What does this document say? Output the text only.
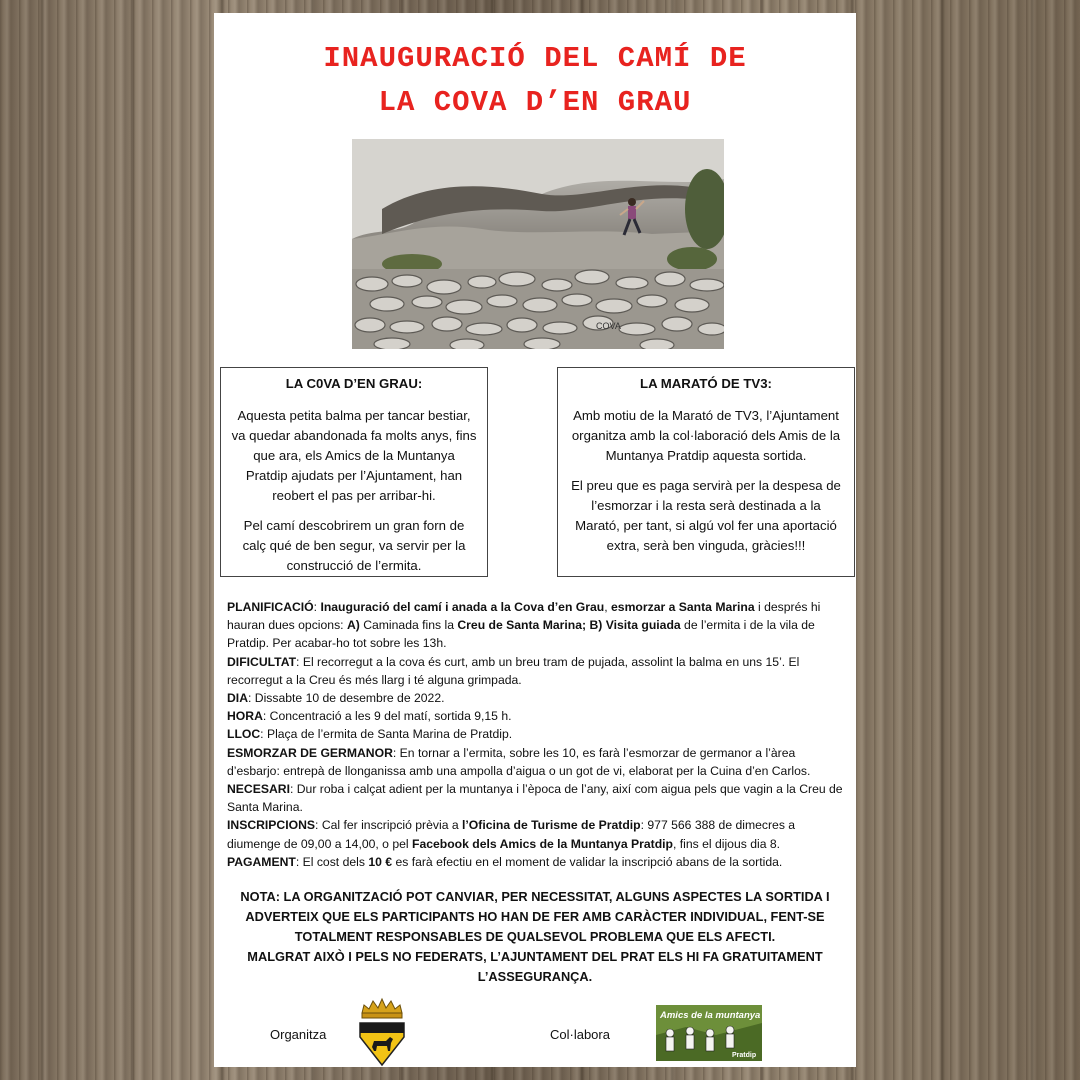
INAUGURACIÓ DEL CAMÍ DE
LA COVA D’EN GRAU
COVA
LA C0VA D’EN GRAU:

Aquesta petita balma per tancar bestiar, va quedar abandonada fa molts anys, fins que ara, els Amics de la Muntanya Pratdip ajudats per l’Ajuntament, han reobert el pas per arribar-hi.

Pel camí descobrirem un gran forn de calç qué de ben segur, va servir per la construcció de l’ermita.

LA MARATÓ DE TV3:

Amb motiu de la Marató de TV3, l’Ajuntament organitza amb la col·laboració dels Amis de la Muntanya Pratdip aquesta sortida.

El preu que es paga servirà per la despesa de l’esmorzar i la resta serà destinada a la Marató, per tant, si algú vol fer una aportació extra, serà ben vinguda, gràcies!!!

PLANIFICACIÓ: Inauguració del camí i anada a la Cova d’en Grau, esmorzar a Santa Marina i després hi hauran dues opcions: A) Caminada fins la Creu de Santa Marina; B) Visita guiada de l’ermita i de la vila de Pratdip. Per acabar-ho tot sobre les 13h.

DIFICULTAT: El recorregut a la cova és curt, amb un breu tram de pujada, assolint la balma en uns 15’. El recorregut a la Creu és més llarg i té alguna grimpada.

DIA: Dissabte 10 de desembre de 2022.

HORA: Concentració a les 9 del matí, sortida 9,15 h.

LLOC: Plaça de l’ermita de Santa Marina de Pratdip.

ESMORZAR DE GERMANOR: En tornar a l’ermita, sobre les 10, es farà l’esmorzar de germanor a l’àrea d’esbarjo: entrepà de llonganissa amb una ampolla d’aigua o un got de vi, elaborat per la Cuina d’en Carlos.

NECESARI: Dur roba i calçat adient per la muntanya i l’època de l’any, així com aigua pels que vagin a la Creu de Santa Marina.

INSCRIPCIONS: Cal fer inscripció prèvia a l’Oficina de Turisme de Pratdip: 977 566 388 de dimecres a diumenge de 09,00 a 14,00, o pel Facebook dels Amics de la Muntanya Pratdip, fins el dijous dia 8.

PAGAMENT: El cost dels 10 € es farà efectiu en el moment de validar la inscripció abans de la sortida.

NOTA: LA ORGANITZACIÓ POT CANVIAR, PER NECESSITAT, ALGUNS ASPECTES LA SORTIDA I
ADVERTEIX QUE ELS PARTICIPANTS HO HAN DE FER AMB CARÀCTER INDIVIDUAL, FENT-SE
TOTALMENT RESPONSABLES DE QUALSEVOL PROBLEMA QUE ELS AFECTI.
MALGRAT AIXÒ I PELS NO FEDERATS, L’AJUNTAMENT DEL PRAT ELS HI FA GRATUITAMENT
L’ASSEGURANÇA.

Organitza	Col·labora
Amics de la muntanya
Pratdip
